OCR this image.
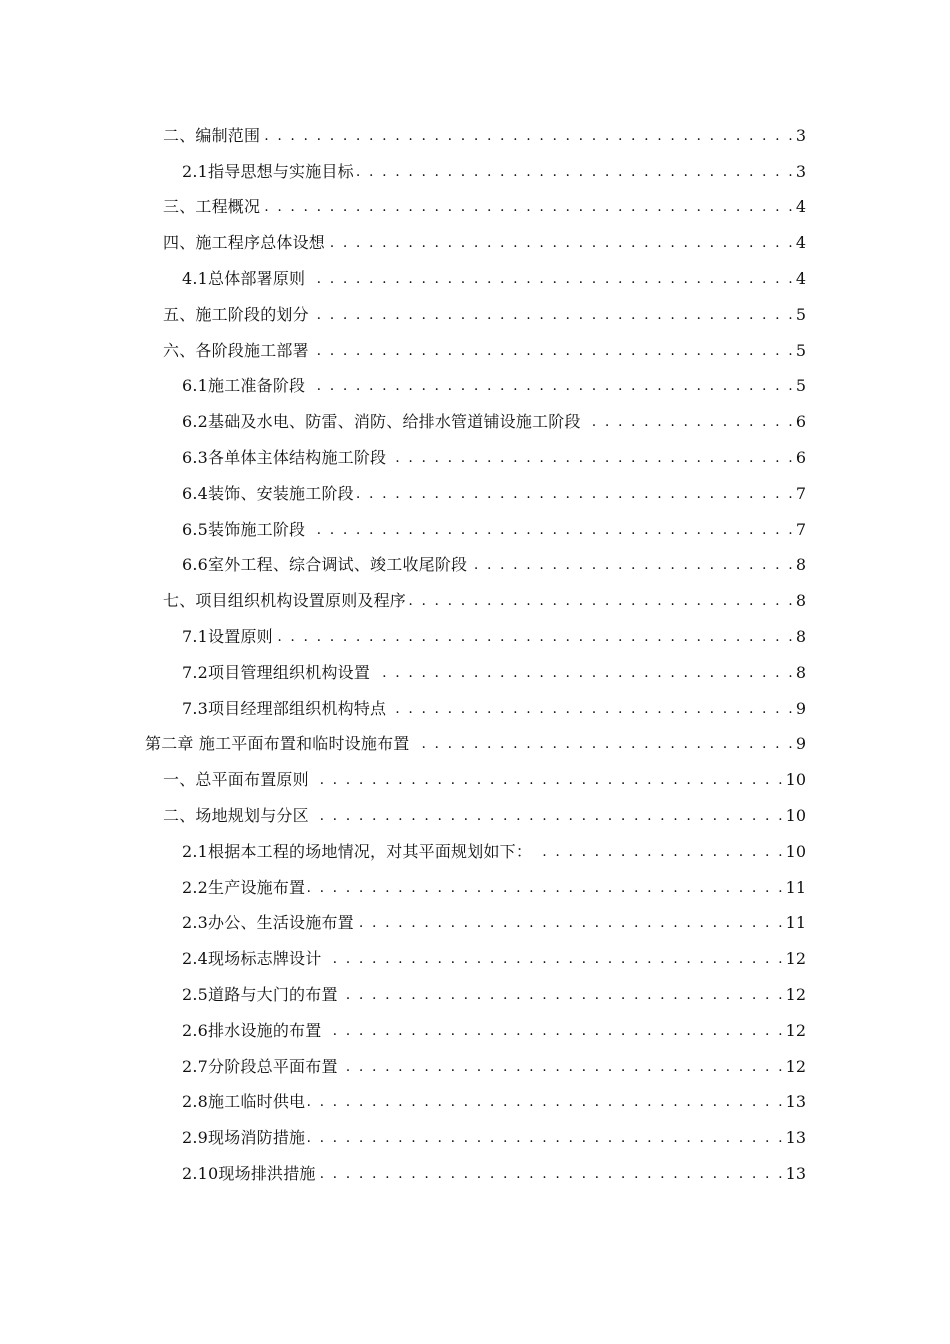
二、编制范围 . . .	3
2.1指导思想与实施目标 . . .	3
三、工程概况 . . .	4
四、施工程序总体设想 . . .	4
4.1总体部署原则 . . .	4
五、施工阶段的划分 . . .	5
六、各阶段施工部署 . . .	5
6.1施工准备阶段 . . .	5
6.2基础及水电、防雷、消防、给排水管道铺设施工阶段 . . .	6
6.3各单体主体结构施工阶段 . . .	6
6.4装饰、安装施工阶段 . . .	7
6.5装饰施工阶段 . . .	7
6.6室外工程、综合调试、竣工收尾阶段 . . .	8
七、项目组织机构设置原则及程序 . . .	8
7.1设置原则 . . .	8
7.2项目管理组织机构设置 . . .	8
7.3项目经理部组织机构特点 . . .	9
第二章 施工平面布置和临时设施布置 . . .	9
一、总平面布置原则 . . .	10
二、场地规划与分区 . . .	10
2.1根据本工程的场地情况，对其平面规划如下： . . .	10
2.2生产设施布置 . . .	11
2.3办公、生活设施布置 . . .	11
2.4现场标志牌设计 . . .	12
2.5道路与大门的布置 . . .	12
2.6排水设施的布置 . . .	12
2.7分阶段总平面布置 . . .	12
2.8施工临时供电 . . .	13
2.9现场消防措施 . . .	13
2.10现场排洪措施 . . .	13
